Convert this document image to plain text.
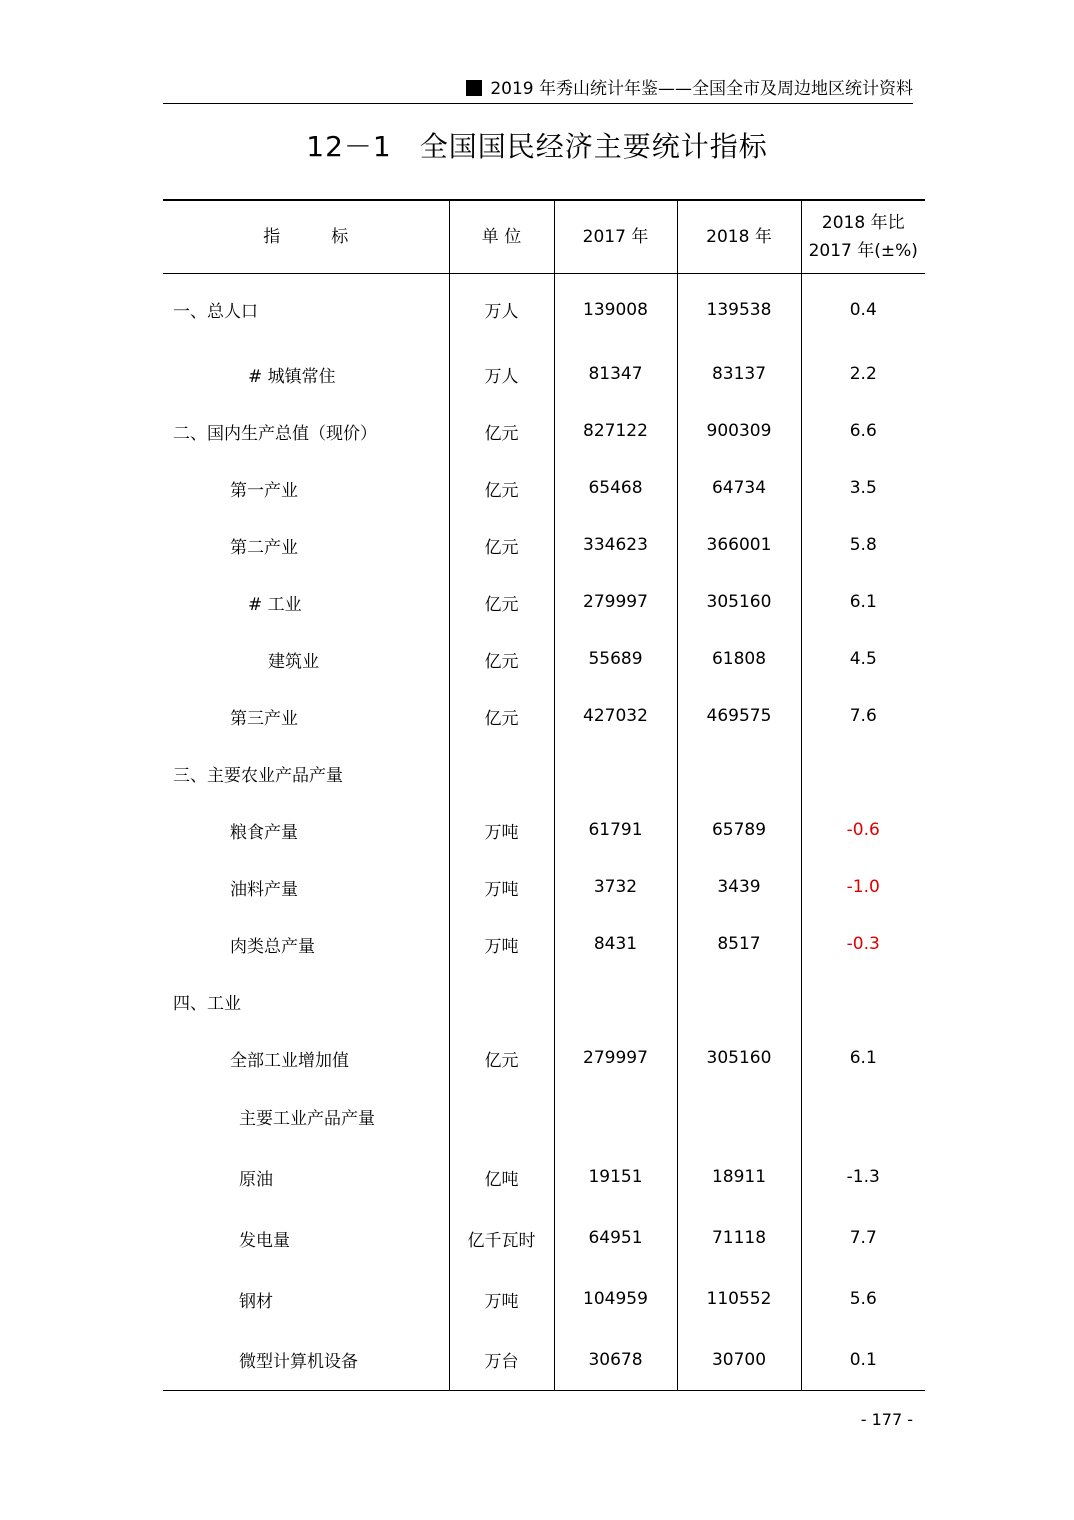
2019 年秀山统计年鉴——全国全市及周边地区统计资料
12－1 全国国民经济主要统计指标
指　　　标	单 位	2017 年	2018 年	2018 年比
2017 年(±%)

一、总人口	万人	139008	139538	0.4
# 城镇常住	万人	81347	83137	2.2
二、国内生产总值（现价）	亿元	827122	900309	6.6
第一产业	亿元	65468	64734	3.5
第二产业	亿元	334623	366001	5.8
# 工业	亿元	279997	305160	6.1
建筑业	亿元	55689	61808	4.5
第三产业	亿元	427032	469575	7.6
三、主要农业产品产量				
粮食产量	万吨	61791	65789	-0.6
油料产量	万吨	3732	3439	-1.0
肉类总产量	万吨	8431	8517	-0.3
四、工业				
全部工业增加值	亿元	279997	305160	6.1
主要工业产品产量				
原油	亿吨	19151	18911	-1.3
发电量	亿千瓦时	64951	71118	7.7
钢材	万吨	104959	110552	5.6
微型计算机设备	万台	30678	30700	0.1
- 177 -
